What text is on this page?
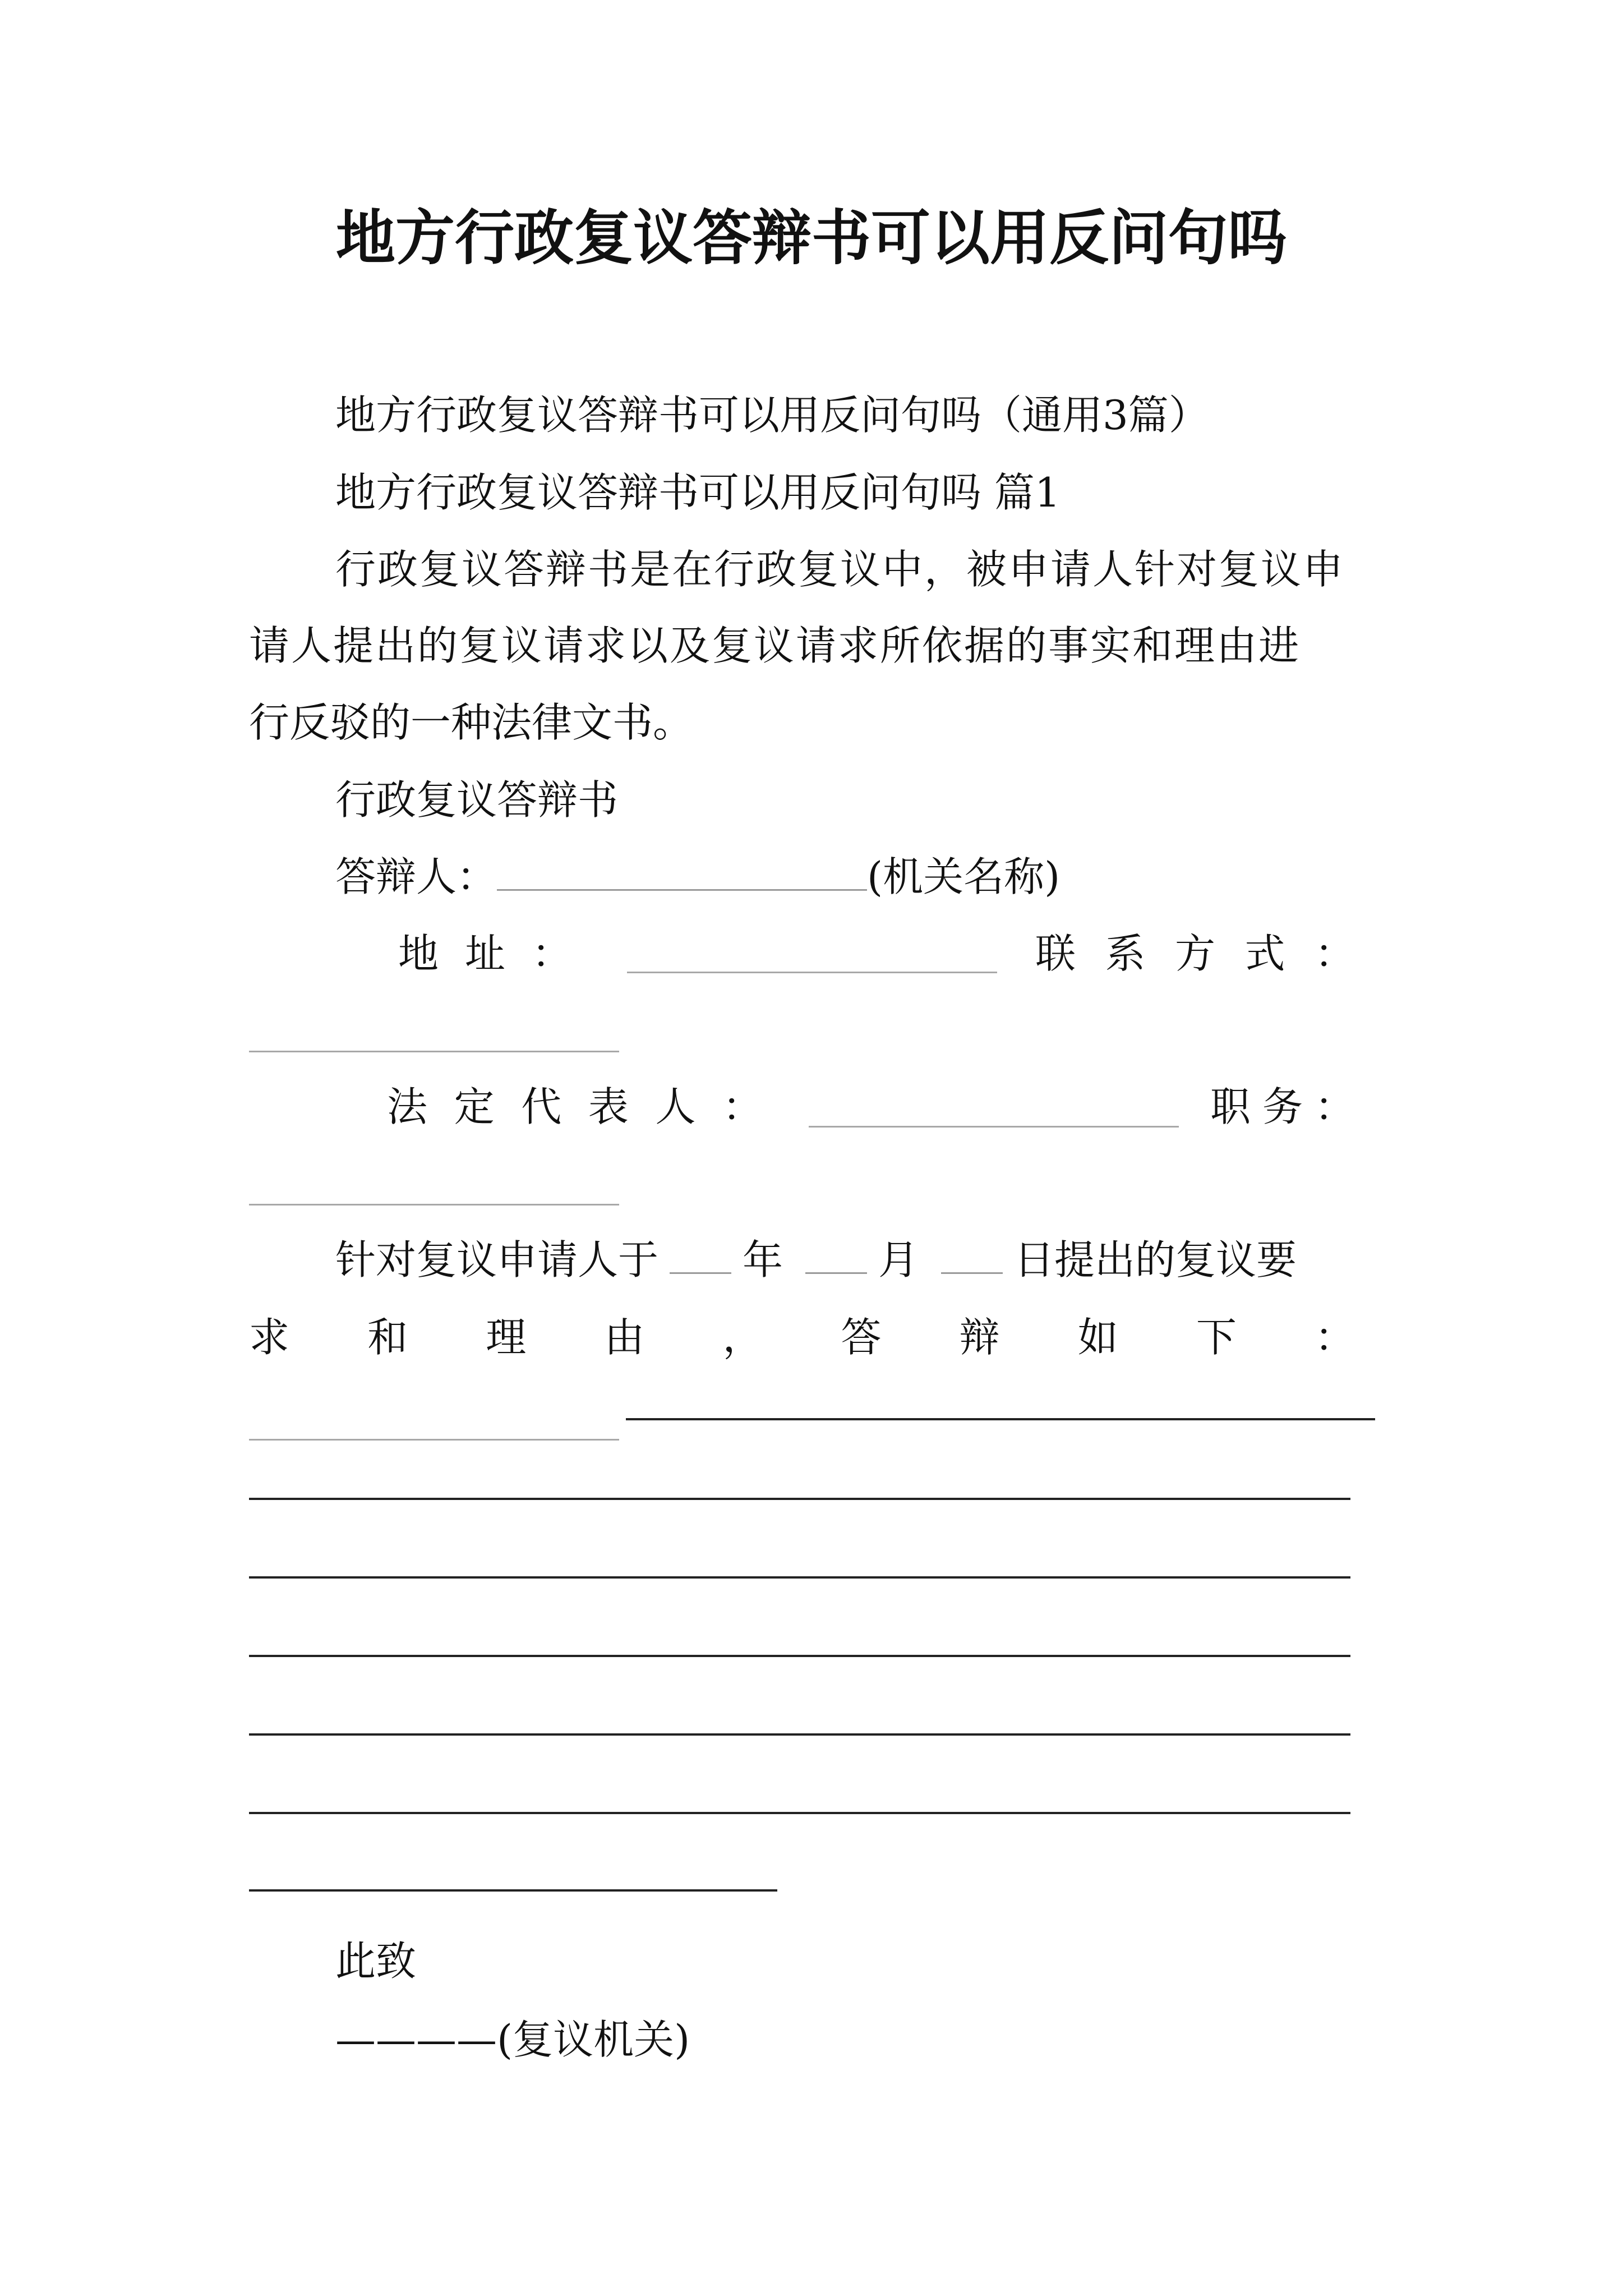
地方行政复议答辩书可以用反问句吗
地方行政复议答辩书可以用反问句吗（通用3篇）
地方行政复议答辩书可以用反问句吗 篇1
行政复议答辩书是在行政复议中，被申请人针对复议申
请人提出的复议请求以及复议请求所依据的事实和理由进
行反驳的一种法律文书。
行政复议答辩书
答辩人：	(机关名称)
地 址 ：	联 系 方 式 ：
法 定 代 表 人 ：	职 务 ：
针对复议申请人于 年 月 日提出的复议要
求 和 理 由 ， 答 辩 如 下 ：
此致
————(复议机关)
